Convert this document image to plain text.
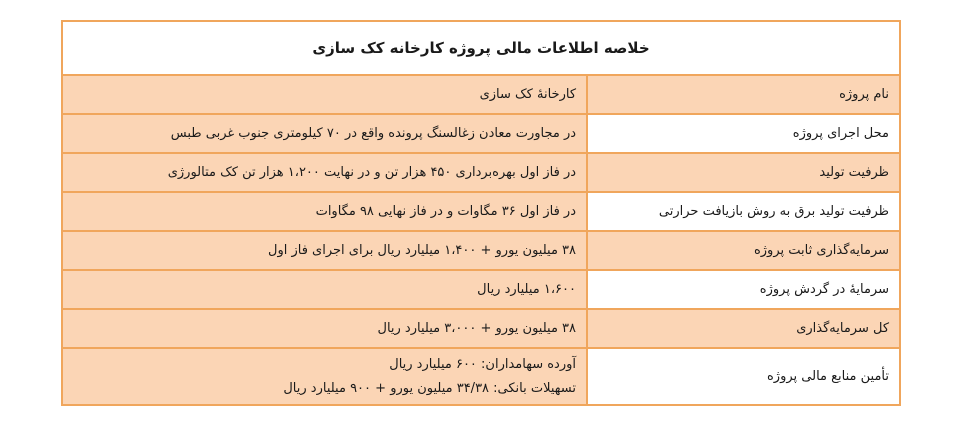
خلاصه اطلاعات مالی پروژه کارخانه کک سازی	
نام پروژه	کارخانهٔ کک سازی
محل اجرای پروژه	در مجاورت معادن زغالسنگ پرونده واقع در ۷۰ کیلومتری جنوب غربی طبس
ظرفیت تولید	در فاز اول بهره‌برداری ۴۵۰ هزار تن و در نهایت ۱،۲۰۰ هزار تن کک متالورژی
ظرفیت تولید برق به روش بازیافت حرارتی	در فاز اول ۳۶ مگاوات و در فاز نهایی ۹۸ مگاوات
سرمایه‌گذاری ثابت پروژه	۳۸ میلیون یورو + ۱،۴۰۰ میلیارد ریال برای اجرای فاز اول
سرمایهٔ در گردش پروژه	۱،۶۰۰ میلیارد ریال
کل سرمایه‌گذاری	۳۸ میلیون یورو + ۳،۰۰۰ میلیارد ریال
تأمین منابع مالی پروژه	آورده سهامداران: ۶۰۰ میلیارد ریال
تسهیلات بانکی: ۳۴/۳۸ میلیون یورو + ۹۰۰ میلیارد ریال
